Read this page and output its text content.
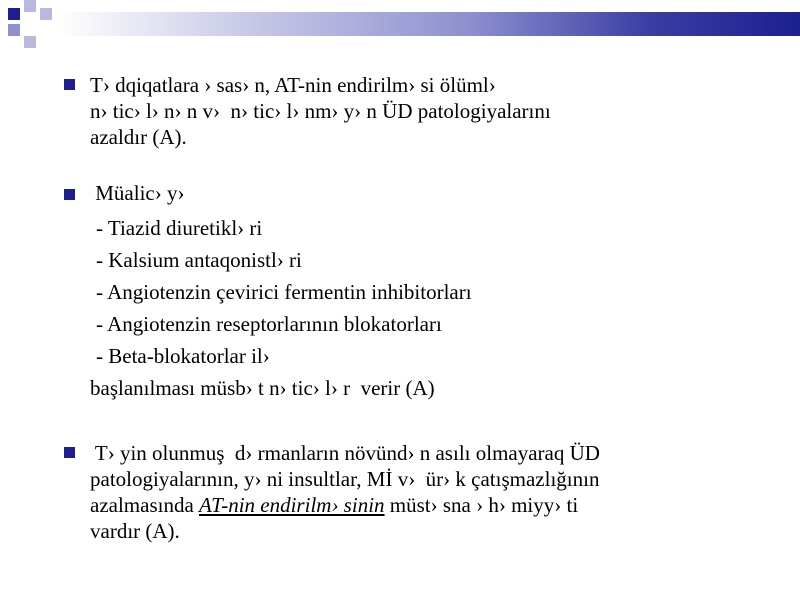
T› dqiqatlara › sas› n, AT-nin endirilm› si ölüml›
n› tic› l› n› n v›  n› tic› l› nm› y› n ÜD patologiyalarını
azaldır (A).
Müalic› y›
- Tiazid diuretikl› ri
- Kalsium antaqonistl› ri
- Angiotenzin çevirici fermentin inhibitorları
- Angiotenzin reseptorlarının blokatorları
- Beta-blokatorlar il›
başlanılması müsb› t n› tic› l› r  verir (A)
T› yin olunmuş  d› rmanların növünd› n asılı olmayaraq ÜD
patologiyalarının, y› ni insultlar, Mİ v›  ür› k çatışmazlığının
azalmasında AT-nin endirilm› sinin müst› sna › h› miyy› ti
vardır (A).
